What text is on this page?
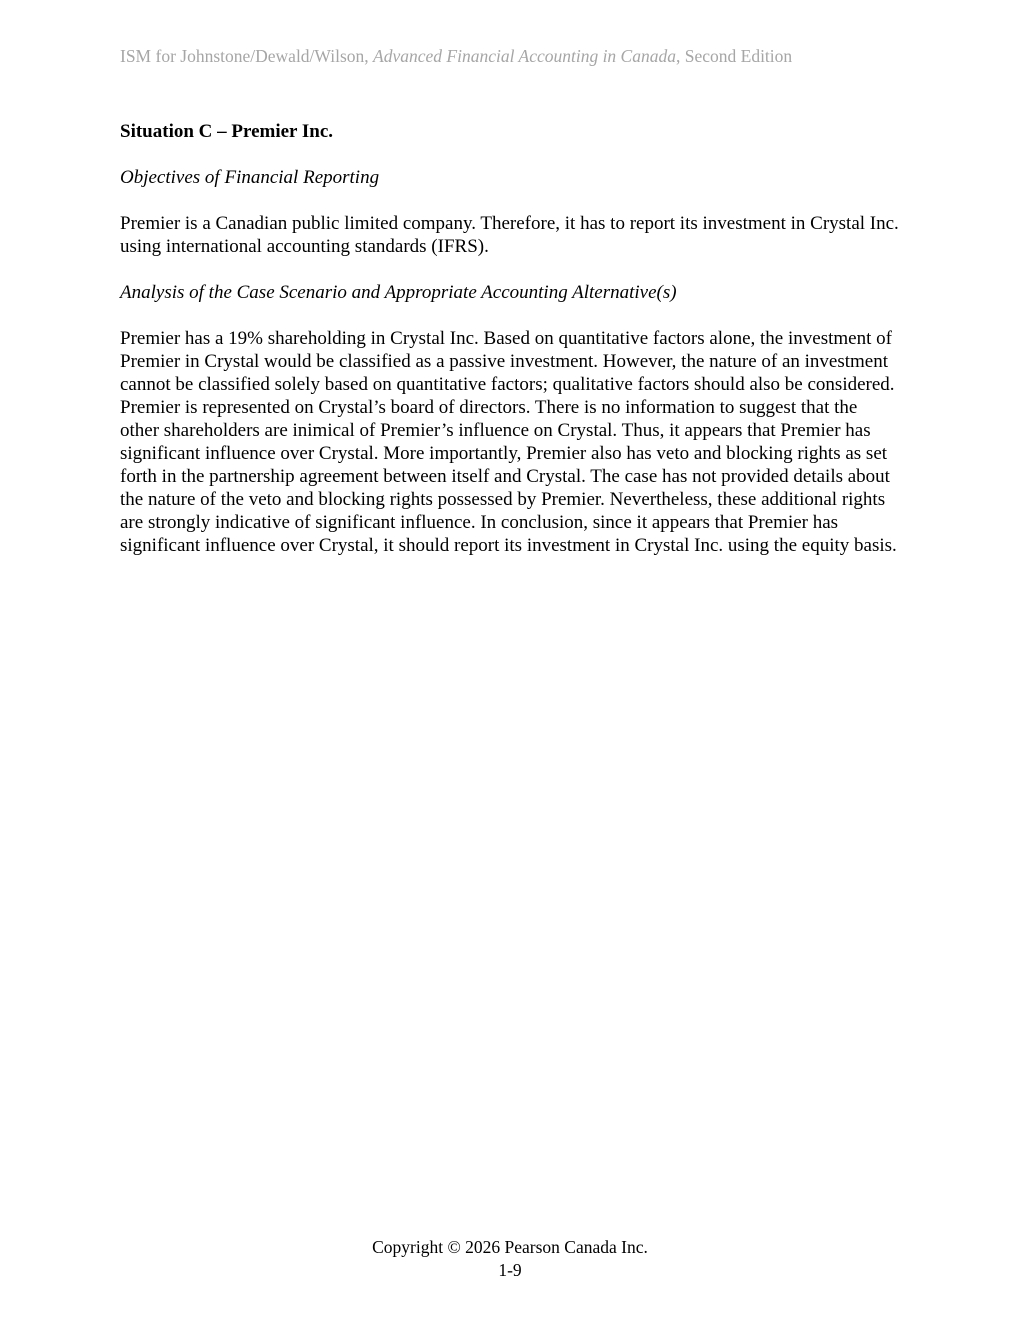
ISM for Johnstone/Dewald/Wilson, Advanced Financial Accounting in Canada, Second Edition
Situation C – Premier Inc.
Objectives of Financial Reporting
Premier is a Canadian public limited company. Therefore, it has to report its investment in Crystal Inc. using international accounting standards (IFRS).
Analysis of the Case Scenario and Appropriate Accounting Alternative(s)
Premier has a 19% shareholding in Crystal Inc. Based on quantitative factors alone, the investment of Premier in Crystal would be classified as a passive investment. However, the nature of an investment cannot be classified solely based on quantitative factors; qualitative factors should also be considered. Premier is represented on Crystal’s board of directors. There is no information to suggest that the other shareholders are inimical of Premier’s influence on Crystal. Thus, it appears that Premier has significant influence over Crystal. More importantly, Premier also has veto and blocking rights as set forth in the partnership agreement between itself and Crystal. The case has not provided details about the nature of the veto and blocking rights possessed by Premier. Nevertheless, these additional rights are strongly indicative of significant influence. In conclusion, since it appears that Premier has significant influence over Crystal, it should report its investment in Crystal Inc. using the equity basis.
Copyright © 2026 Pearson Canada Inc.
1-9
